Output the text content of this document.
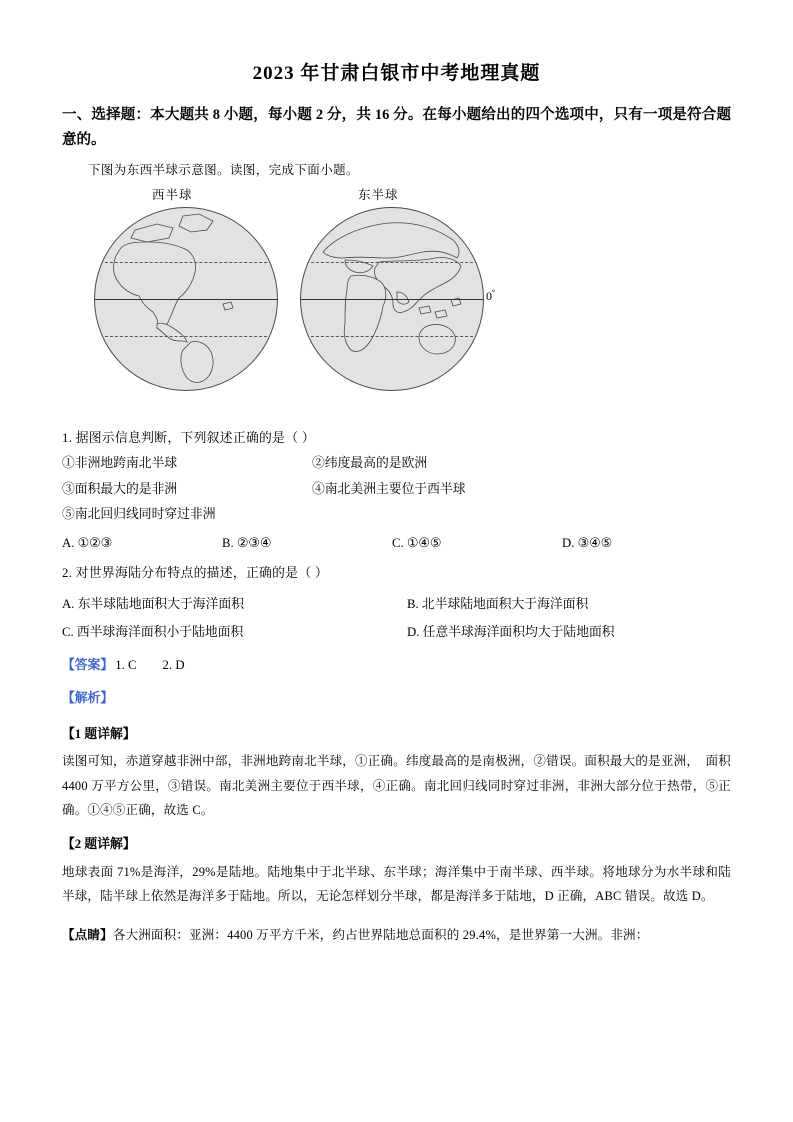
2023 年甘肃白银市中考地理真题
一、选择题：本大题共 8 小题，每小题 2 分，共 16 分。在每小题给出的四个选项中，只有一项是符合题意的。
下图为东西半球示意图。读图，完成下面小题。
西半球	东半球
0°
1. 据图示信息判断，下列叙述正确的是（ ）
①非洲地跨南北半球	②纬度最高的是欧洲
③面积最大的是非洲	④南北美洲主要位于西半球
⑤南北回归线同时穿过非洲
A. ①②③	B. ②③④	C. ①④⑤	D. ③④⑤
2. 对世界海陆分布特点的描述，正确的是（ ）
A. 东半球陆地面积大于海洋面积	B. 北半球陆地面积大于海洋面积
C. 西半球海洋面积小于陆地面积	D. 任意半球海洋面积均大于陆地面积
【答案】 1. C 2. D
【解析】
【1 题详解】
读图可知，赤道穿越非洲中部，非洲地跨南北半球，①正确。纬度最高的是南极洲，②错误。面积最大的是亚洲，　面积 4400 万平方公里，③错误。南北美洲主要位于西半球，④正确。南北回归线同时穿过非洲，非洲大部分位于热带，⑤正确。①④⑤正确，故选 C。
【2 题详解】
地球表面 71%是海洋，29%是陆地。陆地集中于北半球、东半球；海洋集中于南半球、西半球。将地球分为水半球和陆半球，陆半球上依然是海洋多于陆地。所以，无论怎样划分半球，都是海洋多于陆地，D 正确，ABC 错误。故选 D。
【点睛】各大洲面积：亚洲：4400 万平方千米，约占世界陆地总面积的 29.4%，是世界第一大洲。非洲：
